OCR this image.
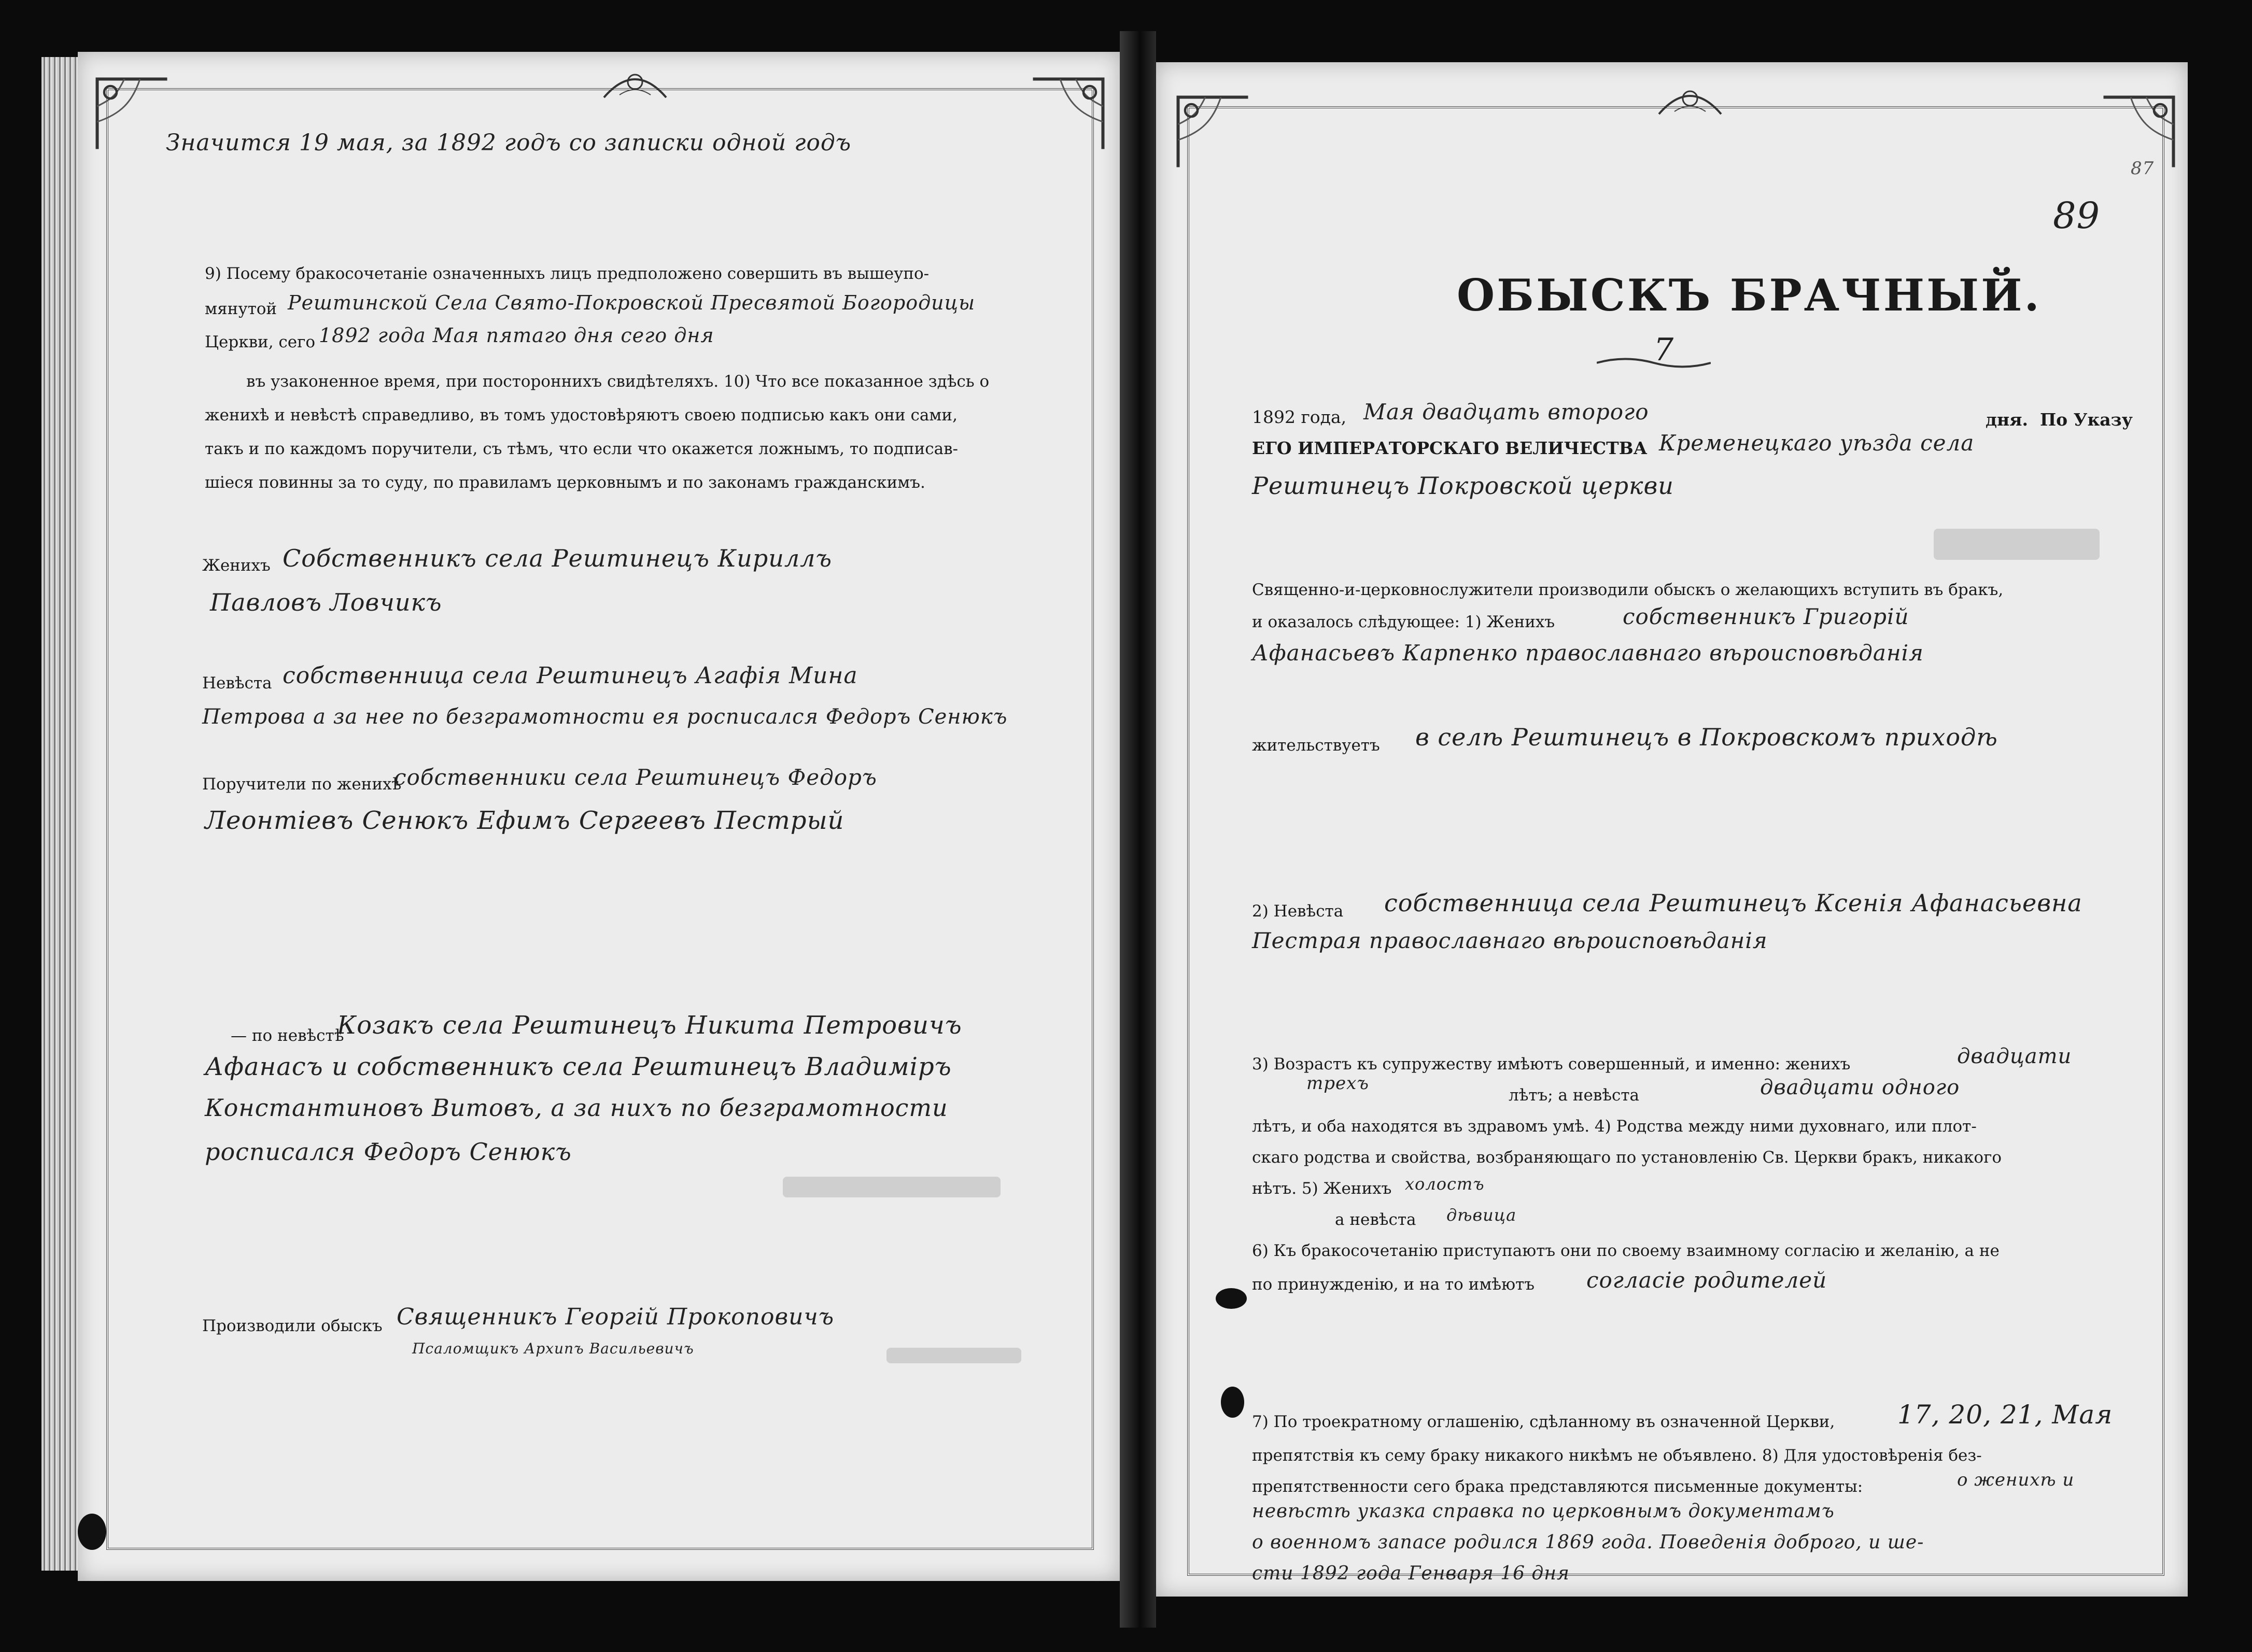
Значится 19 мая, за 1892 годъ со записки одной годъ
9) Посему бракосочетаніе означенныхъ лицъ предположено совершить въ вышеупо-
мянутой Рештинской Села Свято-Покровской Пресвятой Богородицы
Церкви, сего 1892 года Мая пятаго дня сего дня
въ узаконенное время, при постороннихъ свидѣтеляхъ. 10) Что все показанное здѣсь о
женихѣ и невѣстѣ справедливо, въ томъ удостовѣряютъ своею подписью какъ они сами,
такъ и по каждомъ поручители, съ тѣмъ, что если что окажется ложнымъ, то подписав-
шіеся повинны за то суду, по правиламъ церковнымъ и по законамъ гражданскимъ.
Женихъ Собственникъ села Рештинецъ Кириллъ
Павловъ Ловчикъ
Невѣста собственница села Рештинецъ Агафія Мина
Петрова а за нее по безграмотности ея росписался Федоръ Сенюкъ
Поручители по женихѣ
собственники села Рештинецъ Федоръ
Леонтіевъ Сенюкъ Ефимъ Сергеевъ Пестрый
— по невѣстѣ
Козакъ села Рештинецъ Никита Петровичъ
Афанасъ и собственникъ села Рештинецъ Владиміръ
Константиновъ Витовъ, а за нихъ по безграмотности
росписался Федоръ Сенюкъ
Производили обыскъ Священникъ Георгій Прокоповичъ
Псаломщикъ Архипъ Васильевичъ
89
87
ОБЫСКЪ БРАЧНЫЙ.
7
1892 года, Мая двадцать второго	дня. По Указу
ЕГО ИМПЕРАТОРСКАГО ВЕЛИЧЕСТВА Кременецкаго уѣзда села
Рештинецъ Покровской церкви
Священно-и-церковнослужители производили обыскъ о желающихъ вступить въ бракъ,
и оказалось слѣдующее: 1) Женихъ	собственникъ Григорій
Афанасьевъ Карпенко православнаго вѣроисповѣданія
жительствуетъ в селѣ Рештинецъ в Покровскомъ приходѣ
2) Невѣста собственница села Рештинецъ Ксенія Афанасьевна
Пестрая православнаго вѣроисповѣданія
3) Возрастъ къ супружеству имѣютъ совершенный, и именно: женихъ	двадцати
трехъ
лѣтъ; а невѣста	двадцати одного
лѣтъ, и оба находятся въ здравомъ умѣ. 4) Родства между ними духовнаго, или плот-
скаго родства и свойства, возбраняющаго по установленію Св. Церкви бракъ, никакого
нѣтъ. 5) Женихъ холостъ
а невѣста дѣвица
6) Къ бракосочетанію приступаютъ они по своему взаимному согласію и желанію, а не
по принужденію, и на то имѣютъ согласіе родителей
7) По троекратному оглашенію, сдѣланному въ означенной Церкви, 17, 20, 21, Мая
препятствія къ сему браку никакого никѣмъ не объявлено. 8) Для удостовѣренія без-
препятственности сего брака представляются письменные документы:	о женихѣ и
невѣстѣ указка справка по церковнымъ документамъ
о военномъ запасе родился 1869 года. Поведенія доброго, и ше-
сти 1892 года Генваря 16 дня
